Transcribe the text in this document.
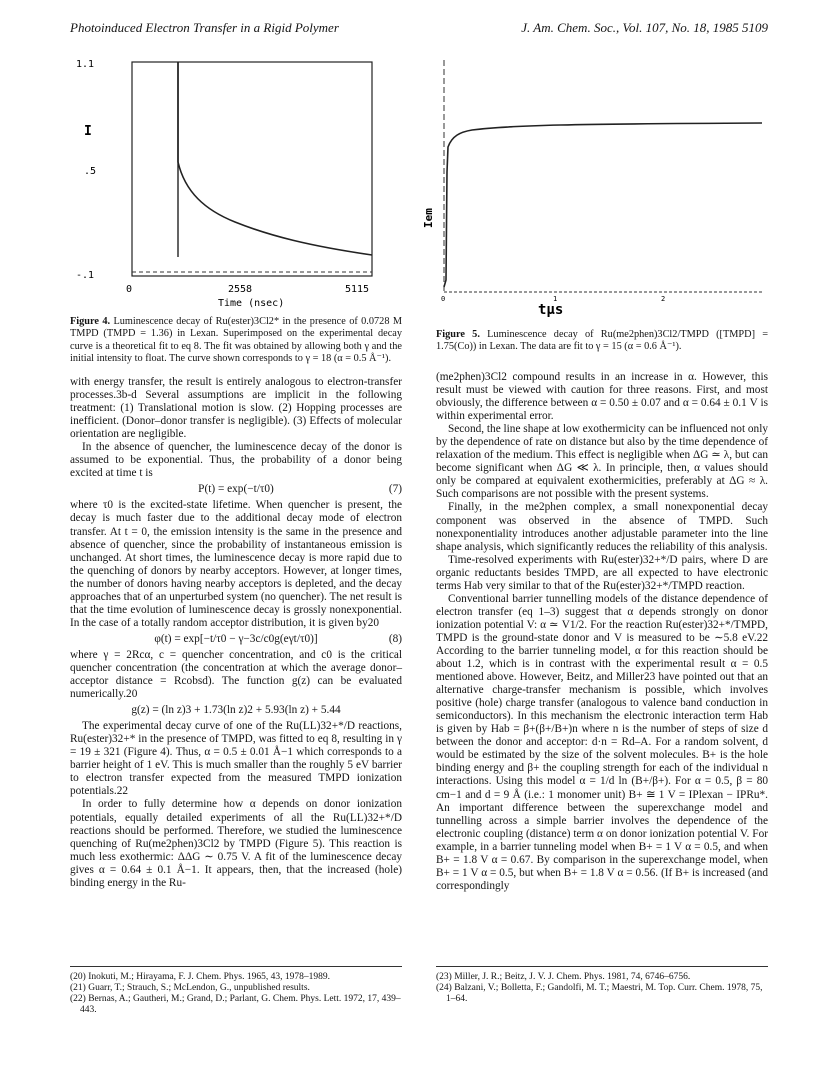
Photoinduced Electron Transfer in a Rigid Polymer	J. Am. Chem. Soc., Vol. 107, No. 18, 1985 5109
1.1
I
.5
-.1
0	2558	5115
Time (nsec)
Figure 4. Luminescence decay of Ru(ester)3Cl2* in the presence of 0.0728 M TMPD (TMPD = 1.36) in Lexan. Superimposed on the experimental decay curve is a theoretical fit to eq 8. The fit was obtained by allowing both γ and the initial intensity to float. The curve shown corresponds to γ = 18 (α = 0.5 Å⁻¹).
Iem
0	1	2
tμs
Figure 5. Luminescence decay of Ru(me2phen)3Cl2/TMPD ([TMPD] = 1.75(Co)) in Lexan. The data are fit to γ = 15 (α = 0.6 Å⁻¹).

with energy transfer, the result is entirely analogous to electron-transfer processes.3b-d Several assumptions are implicit in the following treatment: (1) Translational motion is slow. (2) Hopping processes are inefficient. (Donor–donor transfer is negligible). (3) Effects of molecular orientation are negligible.

In the absence of quencher, the luminescence decay of the donor is assumed to be exponential. Thus, the probability of a donor being excited at time t is

P(t) = exp(−t/τ0)	(7)

where τ0 is the excited-state lifetime. When quencher is present, the decay is much faster due to the additional decay mode of electron transfer. At t = 0, the emission intensity is the same in the presence and absence of quencher, since the probability of instantaneous emission is unchanged. At short times, the luminescence decay is more rapid due to the quenching of donors by nearby acceptors. However, at longer times, the number of donors having nearby acceptors is depleted, and the decay approaches that of an unperturbed system (no quencher). The net result is that the time evolution of luminescence decay is grossly nonexponential. In the case of a totally random acceptor distribution, it is given by20

φ(t) = exp[−t/τ0 − γ−3c/c0g(eγt/τ0)]	(8)

where γ = 2Rcα, c = quencher concentration, and c0 is the critical quencher concentration (the concentration at which the average donor–acceptor distance = Rcobsd). The function g(z) can be evaluated numerically.20

g(z) = (ln z)3 + 1.73(ln z)2 + 5.93(ln z) + 5.44

The experimental decay curve of one of the Ru(LL)32+*/D reactions, Ru(ester)32+* in the presence of TMPD, was fitted to eq 8, resulting in γ = 19 ± 321 (Figure 4). Thus, α = 0.5 ± 0.01 Å−1 which corresponds to a barrier height of 1 eV. This is much smaller than the roughly 5 eV barrier to electron transfer expected from the measured TMPD ionization potentials.22

In order to fully determine how α depends on donor ionization potentials, equally detailed experiments of all the Ru(LL)32+*/D reactions should be performed. Therefore, we studied the luminescence quenching of Ru(me2phen)3Cl2 by TMPD (Figure 5). This reaction is much less exothermic: ΔΔG ∼ 0.75 V. A fit of the luminescence decay gives α = 0.64 ± 0.1 Å−1. It appears, then, that the increased (hole) binding energy in the Ru-

(me2phen)3Cl2 compound results in an increase in α. However, this result must be viewed with caution for three reasons. First, and most obviously, the difference between α = 0.50 ± 0.07 and α = 0.64 ± 0.1 V is within experimental error.

Second, the line shape at low exothermicity can be influenced not only by the dependence of rate on distance but also by the time dependence of relaxation of the medium. This effect is negligible when ΔG ≃ λ, but can become significant when ΔG ≪ λ. In principle, then, α values should only be compared at equivalent exothermicities, preferably at ΔG ≈ λ. Such comparisons are not possible with the present systems.

Finally, in the me2phen complex, a small nonexponential decay component was observed in the absence of TMPD. Such nonexponentiality introduces another adjustable parameter into the line shape analysis, which significantly reduces the reliability of this analysis.

Time-resolved experiments with Ru(ester)32+*/D pairs, where D are organic reductants besides TMPD, are all expected to have electronic terms Hab very similar to that of the Ru(ester)32+*/TMPD reaction.

Conventional barrier tunnelling models of the distance dependence of electron transfer (eq 1–3) suggest that α depends strongly on donor ionization potential V: α ≃ V1/2. For the reaction Ru(ester)32+*/TMPD, TMPD is the ground-state donor and V is measured to be ∼5.8 eV.22 According to the barrier tunneling model, α for this reaction should be about 1.2, which is in contrast with the experimental result α = 0.5 mentioned above. However, Beitz, and Miller23 have pointed out that an alternative charge-transfer mechanism is possible, which involves positive (hole) charge transfer (analogous to valence band conduction in semiconductors). In this mechanism the electronic interaction term Hab is given by Hab = β+(β+/B+)n where n is the number of steps of size d between the donor and acceptor: d·n = Rd–A. For a random solvent, d would be estimated by the size of the solvent molecules. B+ is the hole binding energy and β+ the coupling strength for each of the individual n interactions. Using this model α = 1/d ln (B+/β+). For α = 0.5, β = 80 cm−1 and d = 9 Å (i.e.: 1 monomer unit) B+ ≅ 1 V = IPlexan − IPRu*. An important difference between the superexchange model and tunnelling across a simple barrier involves the dependence of the electronic coupling (distance) term α on donor ionization potential V. For example, in a barrier tunneling model when B+ = 1 V α = 0.5, and when B+ = 1.8 V α = 0.67. By comparison in the superexchange model, when B+ = 1 V α = 0.5, but when B+ = 1.8 V α = 0.56. (If B+ is increased (and correspondingly

(20) Inokuti, M.; Hirayama, F. J. Chem. Phys. 1965, 43, 1978–1989.
(21) Guarr, T.; Strauch, S.; McLendon, G., unpublished results.
(22) Bernas, A.; Gautheri, M.; Grand, D.; Parlant, G. Chem. Phys. Lett. 1972, 17, 439–443.
(23) Miller, J. R.; Beitz, J. V. J. Chem. Phys. 1981, 74, 6746–6756.
(24) Balzani, V.; Bolletta, F.; Gandolfi, M. T.; Maestri, M. Top. Curr. Chem. 1978, 75, 1–64.
